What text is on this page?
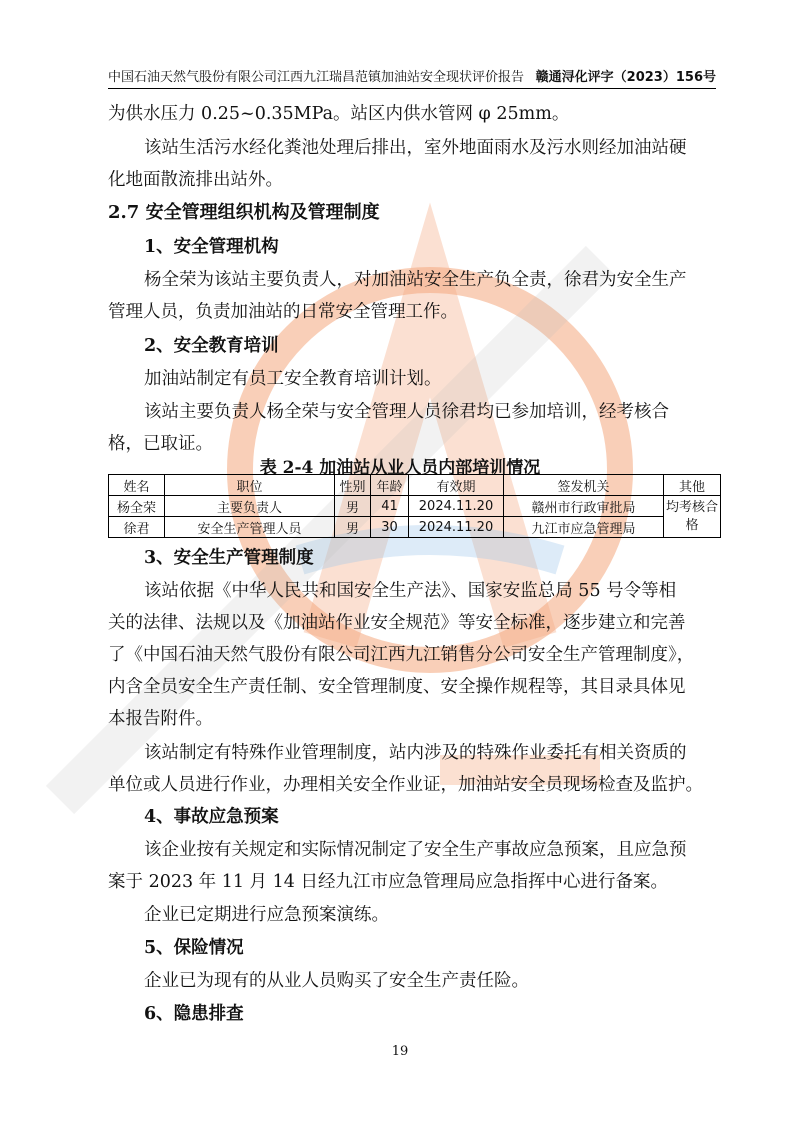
中国石油天然气股份有限公司江西九江瑞昌范镇加油站安全现状评价报告 赣通浔化评字（2023）156号
为供水压力 0.25~0.35MPa。站区内供水管网 φ 25mm。
该站生活污水经化粪池处理后排出，室外地面雨水及污水则经加油站硬
化地面散流排出站外。
2.7 安全管理组织机构及管理制度
1、安全管理机构
杨全荣为该站主要负责人，对加油站安全生产负全责，徐君为安全生产
管理人员，负责加油站的日常安全管理工作。
2、安全教育培训
加油站制定有员工安全教育培训计划。
该站主要负责人杨全荣与安全管理人员徐君均已参加培训，经考核合
格，已取证。
表 2-4 加油站从业人员内部培训情况
姓名	职位	性别	年龄	有效期	签发机关	其他
杨全荣	主要负责人	男	41	2024.11.20	赣州市行政审批局	均考核合格
徐君	安全生产管理人员	男	30	2024.11.20	九江市应急管理局	
3、安全生产管理制度
该站依据《中华人民共和国安全生产法》、国家安监总局 55 号令等相
关的法律、法规以及《加油站作业安全规范》等安全标准，逐步建立和完善
了《中国石油天然气股份有限公司江西九江销售分公司安全生产管理制度》，
内含全员安全生产责任制、安全管理制度、安全操作规程等，其目录具体见
本报告附件。
该站制定有特殊作业管理制度，站内涉及的特殊作业委托有相关资质的
单位或人员进行作业，办理相关安全作业证，加油站安全员现场检查及监护。
4、事故应急预案
该企业按有关规定和实际情况制定了安全生产事故应急预案，且应急预
案于 2023 年 11 月 14 日经九江市应急管理局应急指挥中心进行备案。
企业已定期进行应急预案演练。
5、保险情况
企业已为现有的从业人员购买了安全生产责任险。
6、隐患排查
19
